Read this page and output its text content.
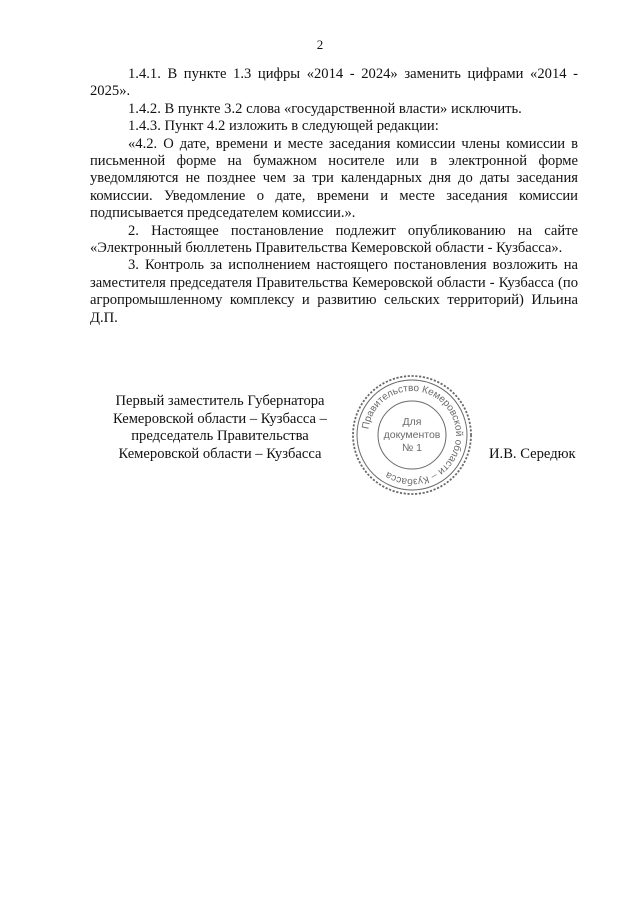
2

1.4.1. В пункте 1.3 цифры «2014 - 2024» заменить цифрами «2014 - 2025».

1.4.2. В пункте 3.2 слова «государственной власти» исключить.

1.4.3. Пункт 4.2 изложить в следующей редакции:

«4.2. О дате, времени и месте заседания комиссии члены комиссии в письменной форме на бумажном носителе или в электронной форме уведомляются не позднее чем за три календарных дня до даты заседания комиссии. Уведомление о дате, времени и месте заседания комиссии подписывается председателем комиссии.».

2. Настоящее постановление подлежит опубликованию на сайте «Электронный бюллетень Правительства Кемеровской области - Кузбасса».

3. Контроль за исполнением настоящего постановления возложить на заместителя председателя Правительства Кемеровской области - Кузбасса (по агропромышленному комплексу и развитию сельских территорий) Ильина Д.П.

Первый заместитель Губернатора
Кемеровской области – Кузбасса –
председатель Правительства
Кемеровской области – Кузбасса
Правительство Кемеровской области – Кузбасса
Для
документов
№ 1	И.В. Середюк
